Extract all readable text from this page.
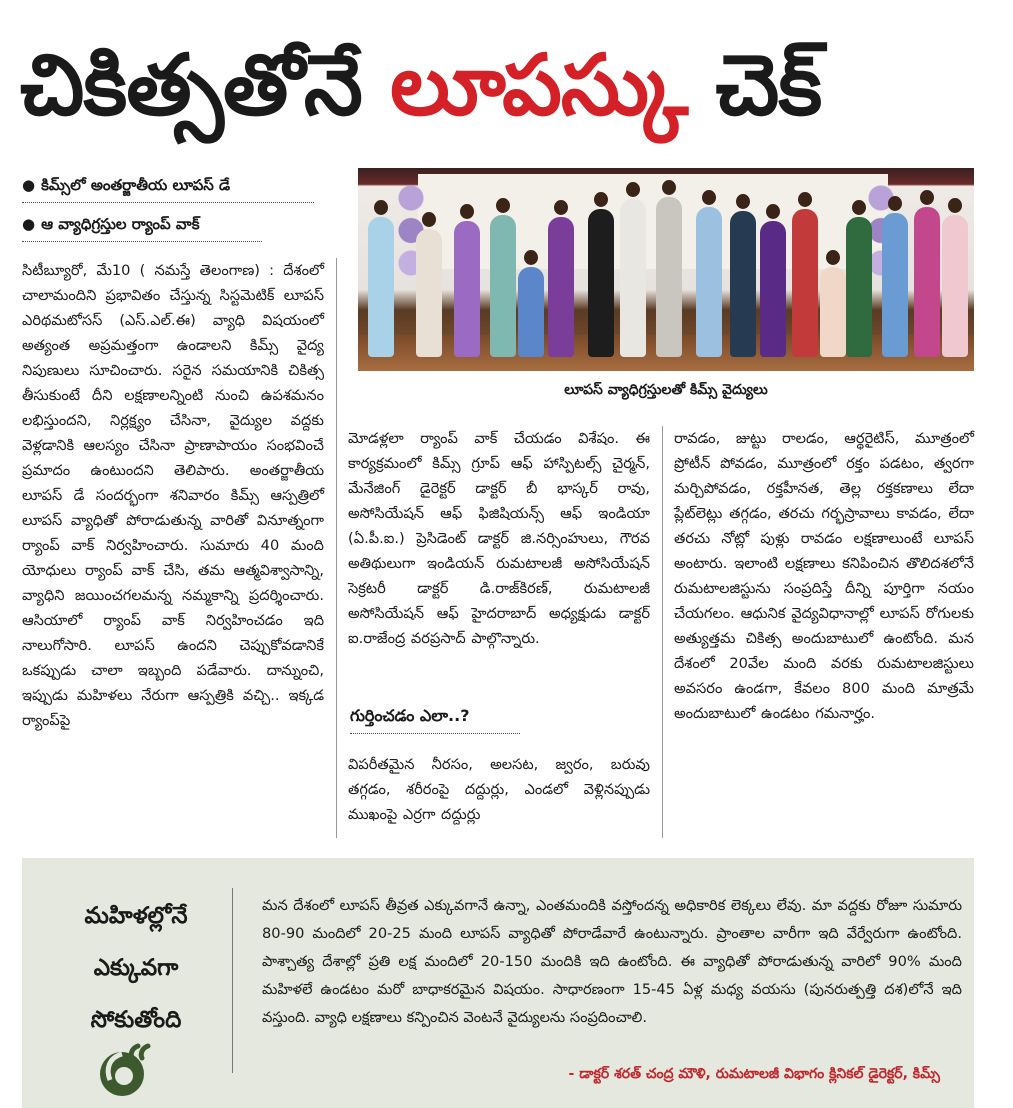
చికిత్సతోనే లూపస్కు చెక్
● కిమ్స్‌లో అంతర్జాతీయ లూపస్ డే
● ఆ వ్యాధిగ్రస్తుల ర్యాంప్ వాక్
లూపస్ వ్యాధిగ్రస్తులతో కిమ్స్ వైద్యులు

సిటీబ్యూరో, మే10 ( నమస్తే తెలంగాణ) : దేశంలో చాలామందిని ప్రభావితం చేస్తున్న సిస్టమెటిక్ లూపస్ ఎరిథమటోసస్ (ఎస్.ఎల్.ఈ) వ్యాధి విషయంలో అత్యంత అప్రమత్తంగా ఉండాలని కిమ్స్ వైద్య నిపుణులు సూచించారు. సరైన సమయానికి చికిత్స తీసుకుంటే దీని లక్షణాలన్నింటి నుంచి ఉపశమనం లభిస్తుందని, నిర్లక్ష్యం చేసినా, వైద్యుల వద్దకు వెళ్లడానికి ఆలస్యం చేసినా ప్రాణాపాయం సంభవించే ప్రమాదం ఉంటుందని తెలిపారు. అంతర్జాతీయ లూపస్ డే సందర్భంగా శనివారం కిమ్స్ ఆస్పత్రిలో లూపస్ వ్యాధితో పోరాడుతున్న వారితో వినూత్నంగా ర్యాంప్ వాక్ నిర్వహించారు. సుమారు 40 మంది యోధులు ర్యాంప్ వాక్ చేసి, తమ ఆత్మవిశ్వాసాన్ని, వ్యాధిని జయించగలమన్న నమ్మకాన్ని ప్రదర్శించారు. ఆసియాలో ర్యాంప్ వాక్ నిర్వహించడం ఇది నాలుగోసారి. లూపస్ ఉందని చెప్పుకోవడానికే ఒకప్పుడు చాలా ఇబ్బంది పడేవారు. దాన్నుంచి, ఇప్పుడు మహిళలు నేరుగా ఆస్పత్రికి వచ్చి.. ఇక్కడ ర్యాంప్‌పై

మోడళ్లలా ర్యాంప్ వాక్ చేయడం విశేషం. ఈ కార్యక్రమంలో కిమ్స్ గ్రూప్ ఆఫ్ హాస్పిటల్స్ చైర్మన్, మేనేజింగ్ డైరెక్టర్ డాక్టర్ బీ భాస్కర్ రావు, అసోసియేషన్ ఆఫ్ ఫిజిషియన్స్ ఆఫ్ ఇండియా (ఏ.పీ.ఐ.) ప్రెసిడెంట్ డాక్టర్ జి.నర్సింహులు, గౌరవ అతిథులుగా ఇండియన్ రుమటాలజీ అసోసియేషన్ సెక్రటరీ డాక్టర్ డి.రాజ్‌కిరణ్, రుమటాలజీ అసోసియేషన్ ఆఫ్ హైదరాబాద్ అధ్యక్షుడు డాక్టర్ ఐ.రాజేంద్ర వరప్రసాద్ పాల్గొన్నారు.

గుర్తించడం ఎలా..?

విపరీతమైన నీరసం, అలసట, జ్వరం, బరువు తగ్గడం, శరీరంపై దద్దుర్లు, ఎండలో వెళ్లినప్పుడు ముఖంపై ఎర్రగా దద్దుర్లు

రావడం, జుట్టు రాలడం, ఆర్థరైటిస్, మూత్రంలో ప్రోటీన్ పోవడం, మూత్రంలో రక్తం పడటం, త్వరగా మర్చిపోవడం, రక్తహీనత, తెల్ల రక్తకణాలు లేదా ప్లేట్‌లెట్లు తగ్గడం, తరచు గర్భస్రావాలు కావడం, లేదా తరచు నోట్లో పుళ్లు రావడం లక్షణాలుంటే లూపస్ అంటారు. ఇలాంటి లక్షణాలు కనిపించిన తొలిదశలోనే రుమటాలజిస్టును సంప్రదిస్తే దీన్ని పూర్తిగా నయం చేయగలం. ఆధునిక వైద్యవిధానాల్లో లూపస్ రోగులకు అత్యుత్తమ చికిత్స అందుబాటులో ఉంటోంది. మన దేశంలో 20వేల మంది వరకు రుమటాలజిస్టులు అవసరం ఉండగా, కేవలం 800 మంది మాత్రమే అందుబాటులో ఉండటం గమనార్హం.

మహిళల్లోనే
ఎక్కువగా
సోకుతోంది
మన దేశంలో లూపస్ తీవ్రత ఎక్కువగానే ఉన్నా, ఎంతమందికి వస్తోందన్న అధికారిక లెక్కలు లేవు. మా వద్దకు రోజూ సుమారు 80-90 మందిలో 20-25 మంది లూపస్ వ్యాధితో పోరాడేవారే ఉంటున్నారు. ప్రాంతాల వారీగా ఇది వేర్వేరుగా ఉంటోంది. పాశ్చాత్య దేశాల్లో ప్రతి లక్ష మందిలో 20-150 మందికి ఇది ఉంటోంది. ఈ వ్యాధితో పోరాడుతున్న వారిలో 90% మంది మహిళలే ఉండటం మరో బాధాకరమైన విషయం. సాధారణంగా 15-45 ఏళ్ల మధ్య వయసు (పునరుత్పత్తి దశ)లోనే ఇది వస్తుంది. వ్యాధి లక్షణాలు కన్పించిన వెంటనే వైద్యులను సంప్రదించాలి.
- డాక్టర్ శరత్ చంద్ర మౌళి, రుమటాలజీ విభాగం క్లినికల్ డైరెక్టర్, కిమ్స్
